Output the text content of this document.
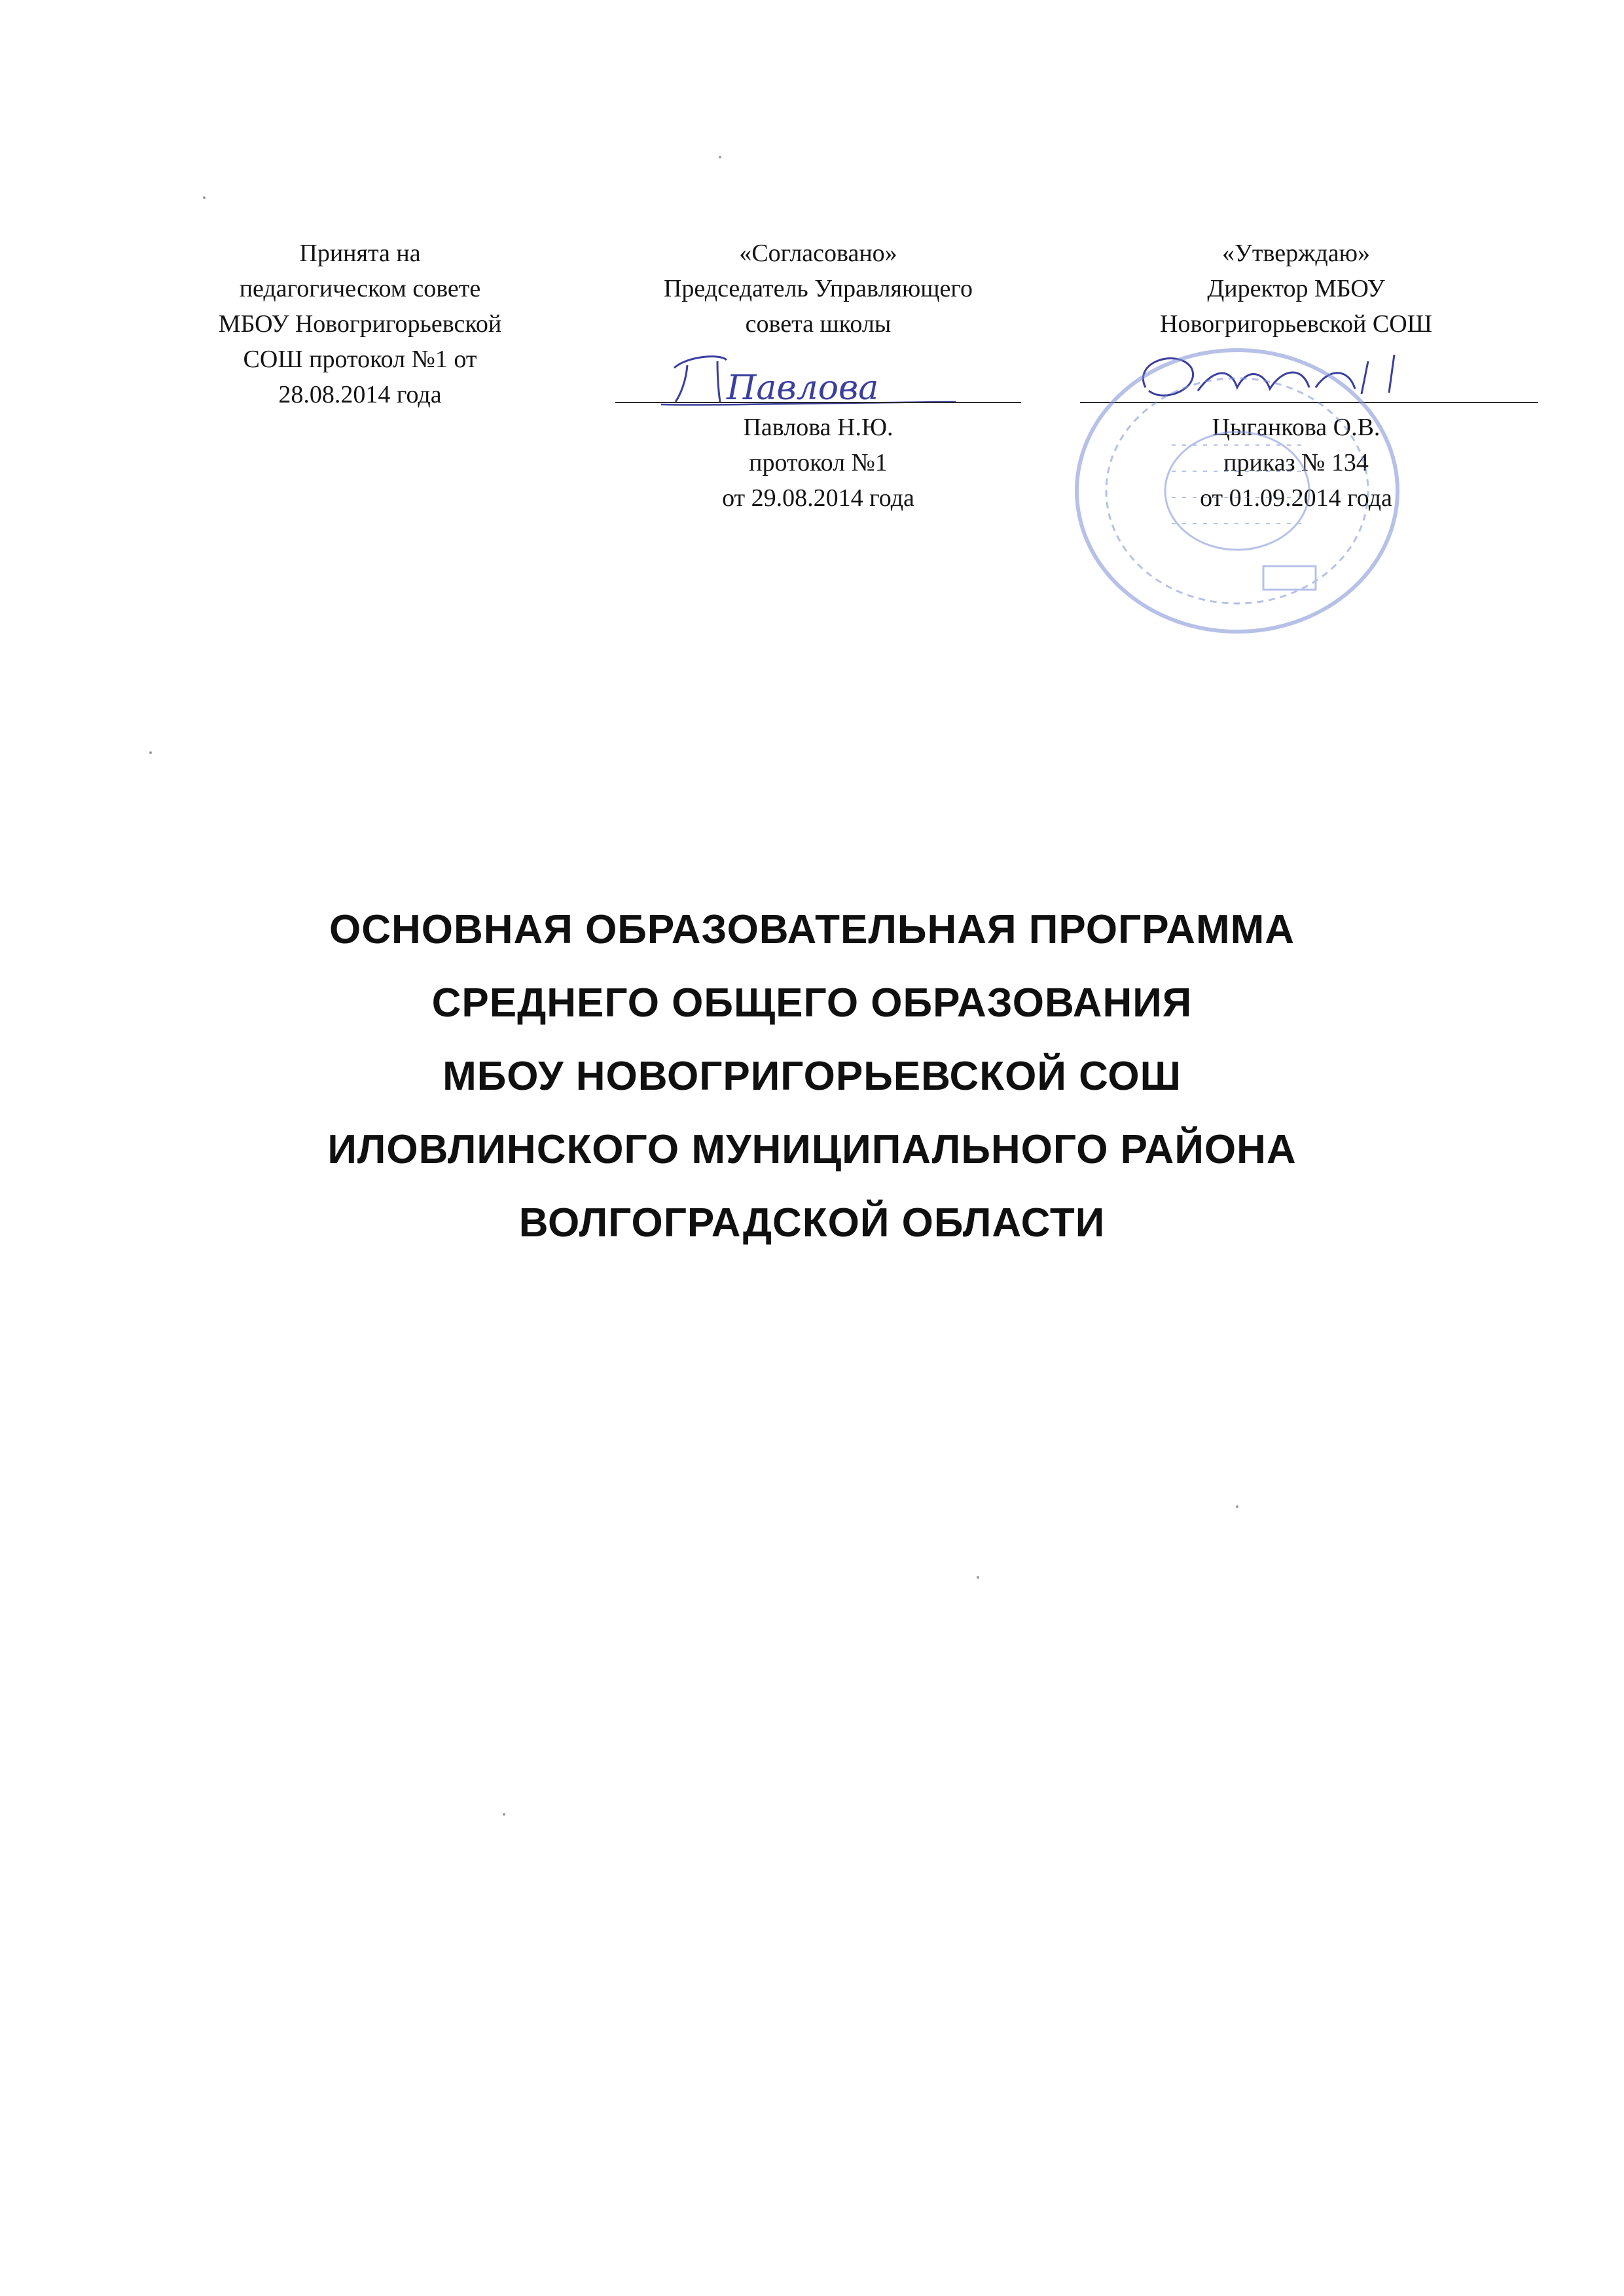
Принята на
педагогическом совете
МБОУ Новогригорьевской
СОШ протокол №1 от
28.08.2014 года
«Согласовано»
Председатель Управляющего
совета школы
Павлова
Павлова Н.Ю.
протокол №1
от 29.08.2014 года
«Утверждаю»
Директор МБОУ
Новогригорьевской СОШ
Цыганкова О.В.
приказ № 134
от 01.09.2014 года
ОСНОВНАЯ ОБРАЗОВАТЕЛЬНАЯ ПРОГРАММА
СРЕДНЕГО ОБЩЕГО ОБРАЗОВАНИЯ
МБОУ НОВОГРИГОРЬЕВСКОЙ СОШ
ИЛОВЛИНСКОГО МУНИЦИПАЛЬНОГО РАЙОНА
ВОЛГОГРАДСКОЙ ОБЛАСТИ
